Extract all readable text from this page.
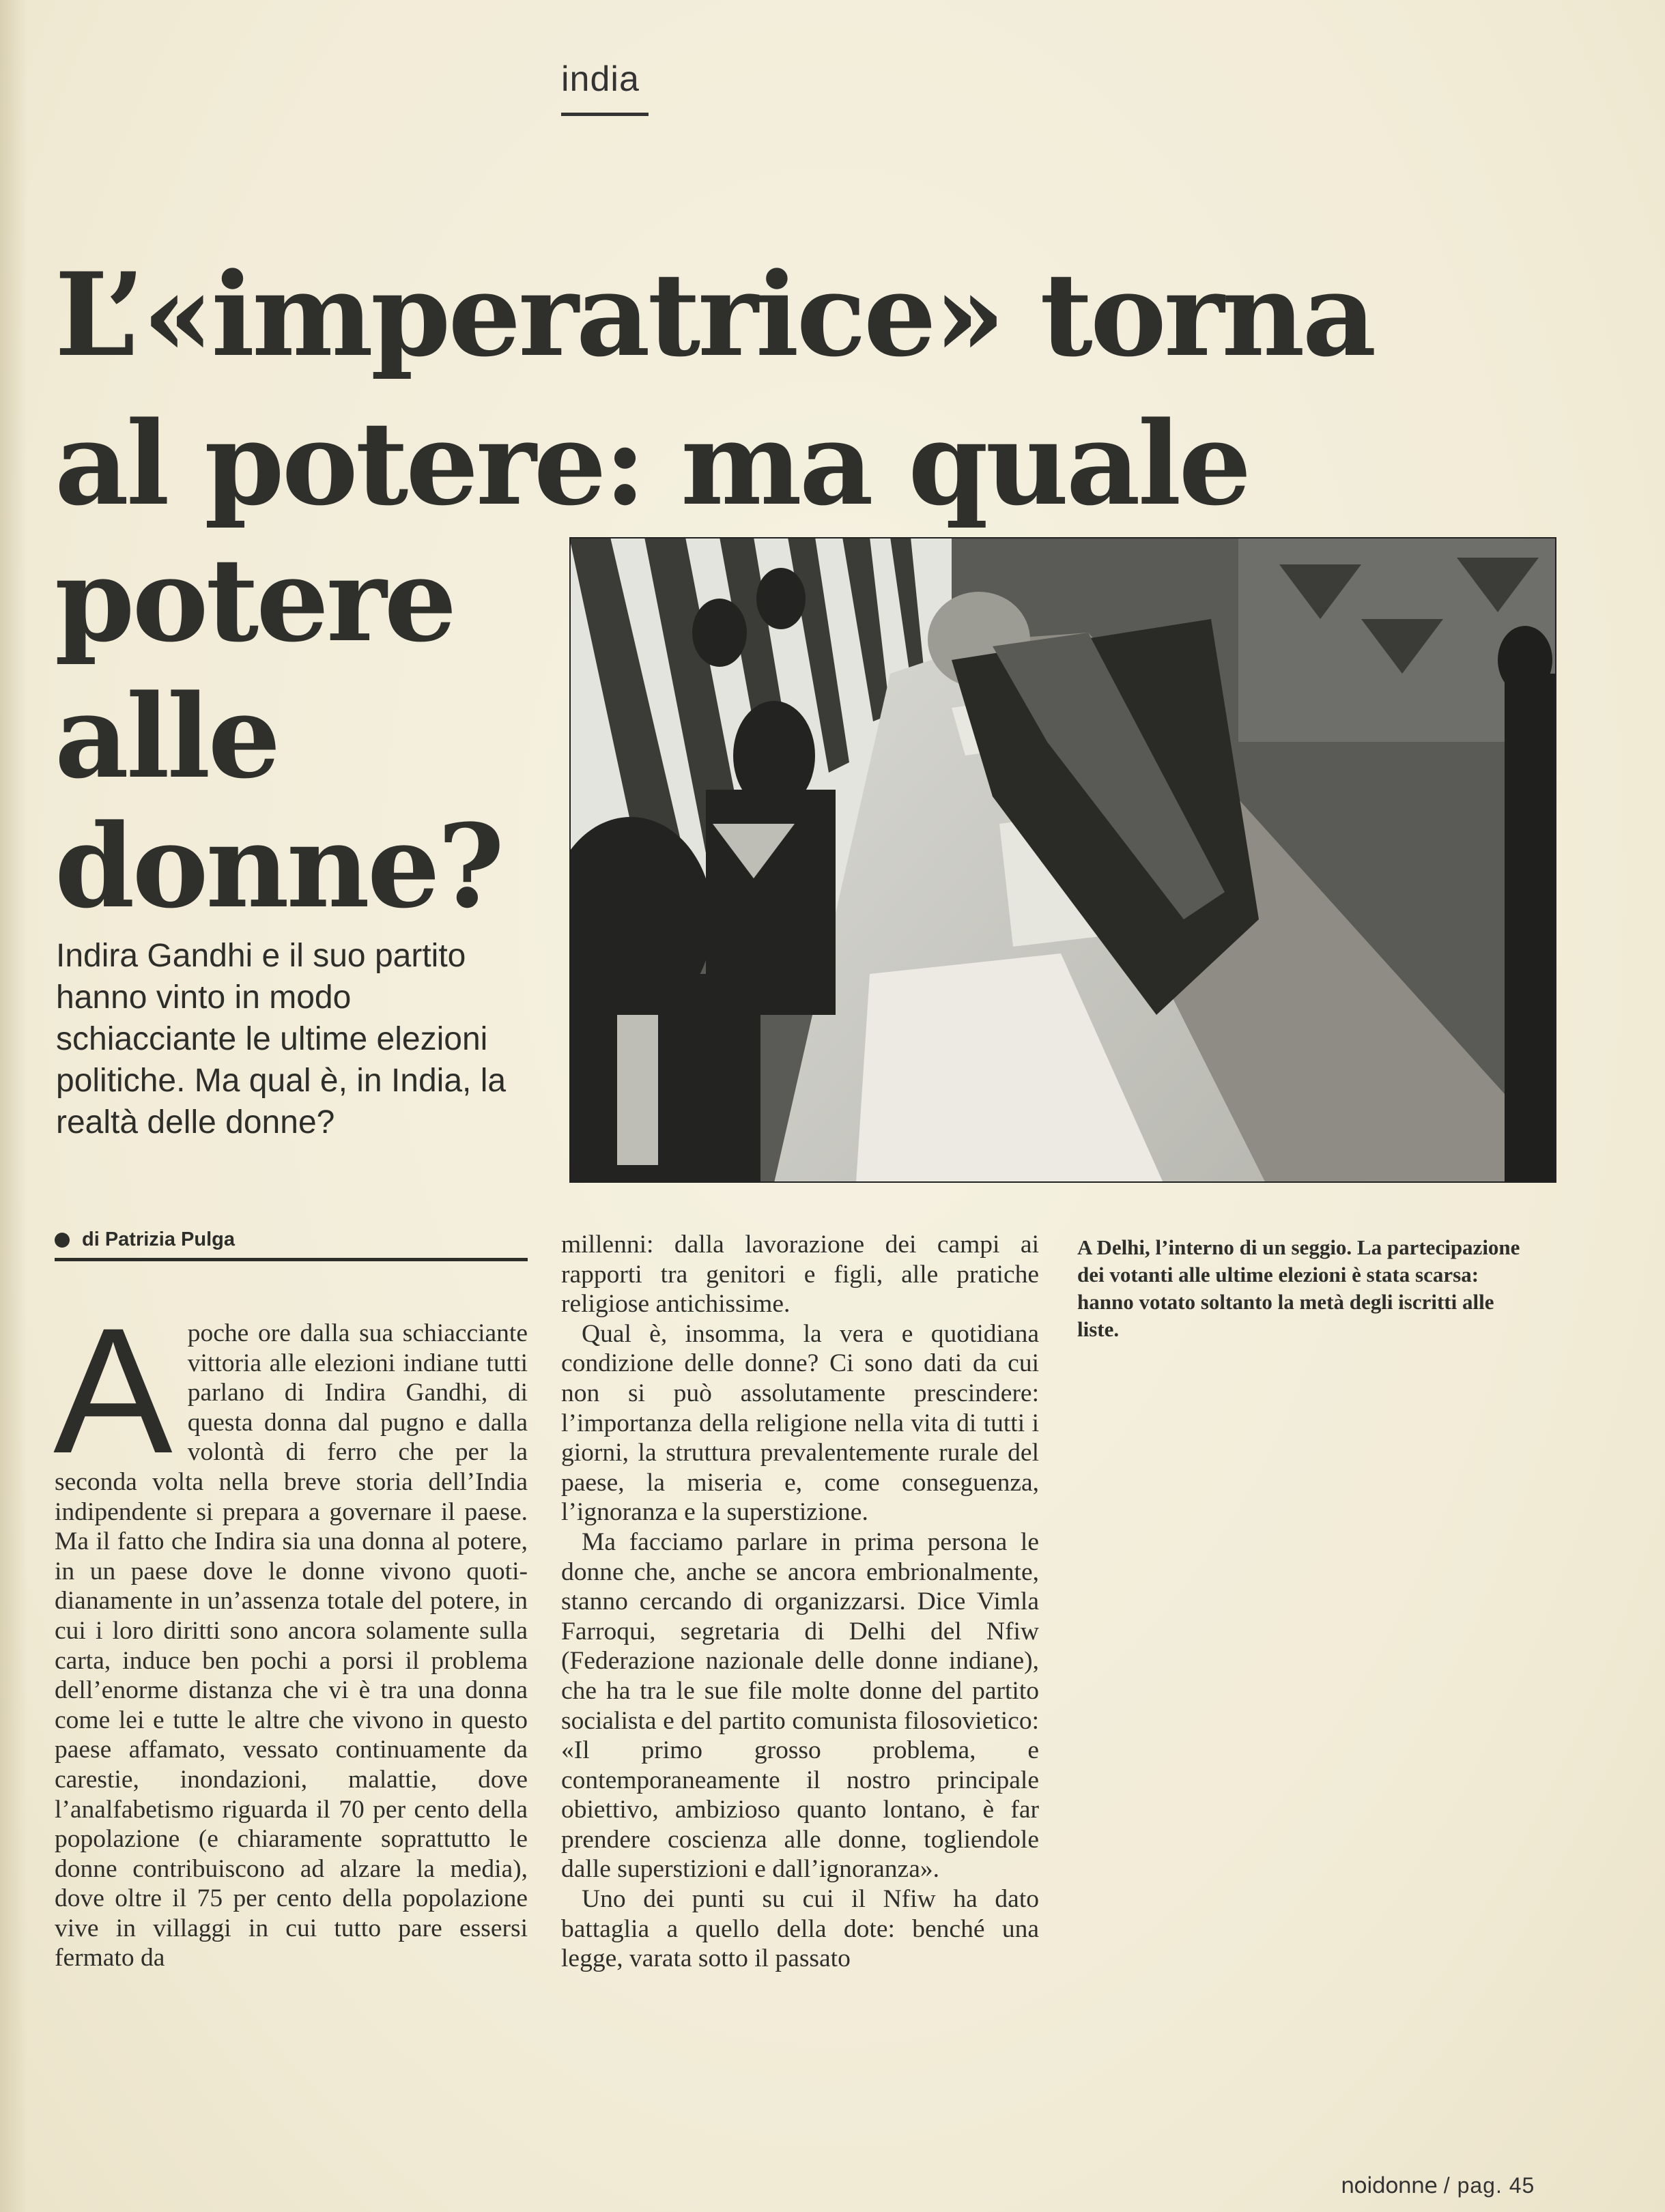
india
L’«imperatrice» torna
al potere: ma quale
potere
alle
donne?
Indira Gandhi e il suo partito hanno vinto in modo schiacciante le ultime elezioni politiche. Ma qual è, in India, la realtà delle donne?
A Delhi, l’interno di un seggio. La partecipazione dei votanti alle ultime elezioni è stata scarsa: hanno votato soltanto la metà degli iscritti alle liste.
di Patrizia Pulga
A poche ore dalla sua schiacciante vittoria alle elezioni indiane tutti parlano di Indira Gandhi, di questa donna dal pugno e dalla volontà di ferro che per la seconda volta nella breve storia dell’India indipendente si prepara a governare il paese. Ma il fatto che Indira sia una donna al potere, in un paese dove le donne vivono quotidianamente in un’assenza totale del potere, in cui i loro diritti sono ancora solamente sulla carta, induce ben pochi a porsi il problema dell’enorme distanza che vi è tra una donna come lei e tutte le altre che vivono in questo paese affamato, vessato continuamente da carestie, inondazioni, malattie, dove l’analfabetismo riguarda il 70 per cento della popolazione (e chiaramente soprattutto le donne contribuiscono ad alzare la media), dove oltre il 75 per cento della popolazione vive in villaggi in cui tutto pare essersi fermato da

millenni: dalla lavorazione dei campi ai rapporti tra genitori e figli, alle pratiche religiose antichissime.

Qual è, insomma, la vera e quotidiana condizione delle donne? Ci sono dati da cui non si può assolutamente prescindere: l’importanza della religione nella vita di tutti i giorni, la struttura prevalentemente rurale del paese, la miseria e, come conseguenza, l’ignoranza e la superstizione.

Ma facciamo parlare in prima persona le donne che, anche se ancora embrionalmente, stanno cercando di organizzarsi. Dice Vimla Farroqui, segretaria di Delhi del Nfiw (Federazione nazionale delle donne indiane), che ha tra le sue file molte donne del partito socialista e del partito comunista filosovietico: «Il primo grosso problema, e contemporaneamente il nostro principale obiettivo, ambizioso quanto lontano, è far prendere coscienza alle donne, togliendole dalle superstizioni e dall’ignoranza».

Uno dei punti su cui il Nfiw ha dato battaglia a quello della dote: benché una legge, varata sotto il passato

noidonne / pag. 45
